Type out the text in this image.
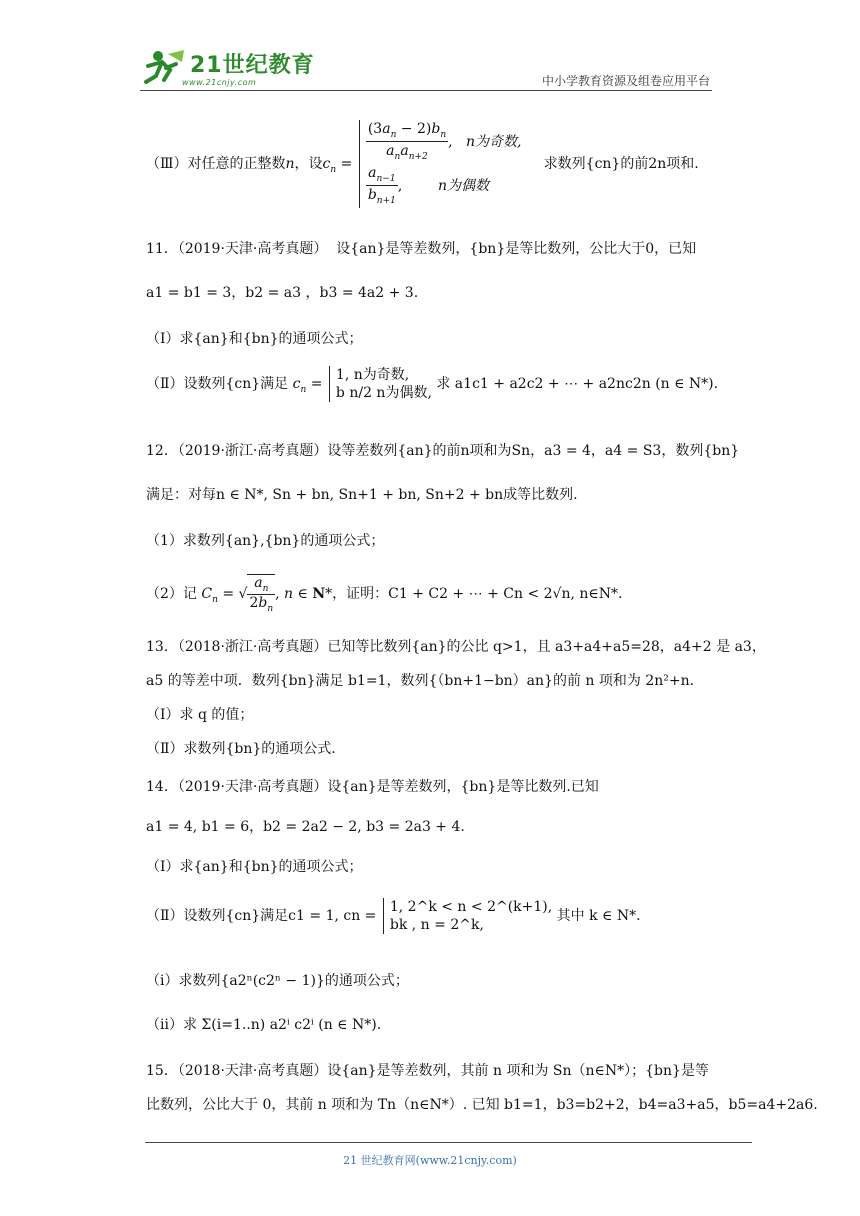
21世纪教育
www.21cnjy.com	中小学教育资源及组卷应用平台
（Ⅲ）对任意的正整数n，设$c_n = \frac{(3a_n - 2)b_n}{a_na_{n+2}}$ ,   n为奇数,
$\frac{a_{n-1}}{b_{n+1}}$ ,        n为偶数
求数列{cn}的前2n项和.
11．（2019·天津·高考真题） 设{an}是等差数列，{bn}是等比数列，公比大于0，已知
a1 = b1 = 3，b2 = a3 ，b3 = 4a2 + 3.
（Ⅰ）求{an}和{bn}的通项公式；
（Ⅱ）设数列{cn}满足 $c_n$ =
1, n为奇数,
b n/2 n为偶数,
求 a1c1 + a2c2 + ⋯ + a2nc2n (n ∈ N*).
12．（2019·浙江·高考真题）设等差数列{an}的前n项和为Sn，a3 = 4，a4 = S3，数列{bn}
满足：对每n ∈ N*, Sn + bn, Sn+1 + bn, Sn+2 + bn成等比数列.
（1）求数列{an},{bn}的通项公式；
（2）记 $C_n$ = √ $\frac{a_n}{2b_n}$ , n ∈ N*，证明：C1 + C2 + ⋯ + Cn < 2√n, n∈N*.
13．（2018·浙江·高考真题）已知等比数列{an}的公比 q>1，且 a3+a4+a5=28，a4+2 是 a3，
a5 的等差中项．数列{bn}满足 b1=1，数列{（bn+1−bn）an}的前 n 项和为 2n²+n.
（Ⅰ）求 q 的值；
（Ⅱ）求数列{bn}的通项公式.
14．（2019·天津·高考真题）设{an}是等差数列，{bn}是等比数列.已知
a1 = 4, b1 = 6，b2 = 2a2 − 2, b3 = 2a3 + 4.
（Ⅰ）求{an}和{bn}的通项公式；
（Ⅱ）设数列{cn}满足c1 = 1, cn =
1, 2^k < n < 2^(k+1),
bk , n = 2^k,
其中 k ∈ N*.
（i）求数列{a2ⁿ(c2ⁿ − 1)}的通项公式；
（ii）求 Σ(i=1..n) a2ⁱ c2ⁱ (n ∈ N*).
15．（2018·天津·高考真题）设{an}是等差数列，其前 n 项和为 Sn（n∈N*）；{bn}是等
比数列，公比大于 0，其前 n 项和为 Tn（n∈N*）. 已知 b1=1，b3=b2+2，b4=a3+a5，b5=a4+2a6.
21 世纪教育网(www.21cnjy.com)
